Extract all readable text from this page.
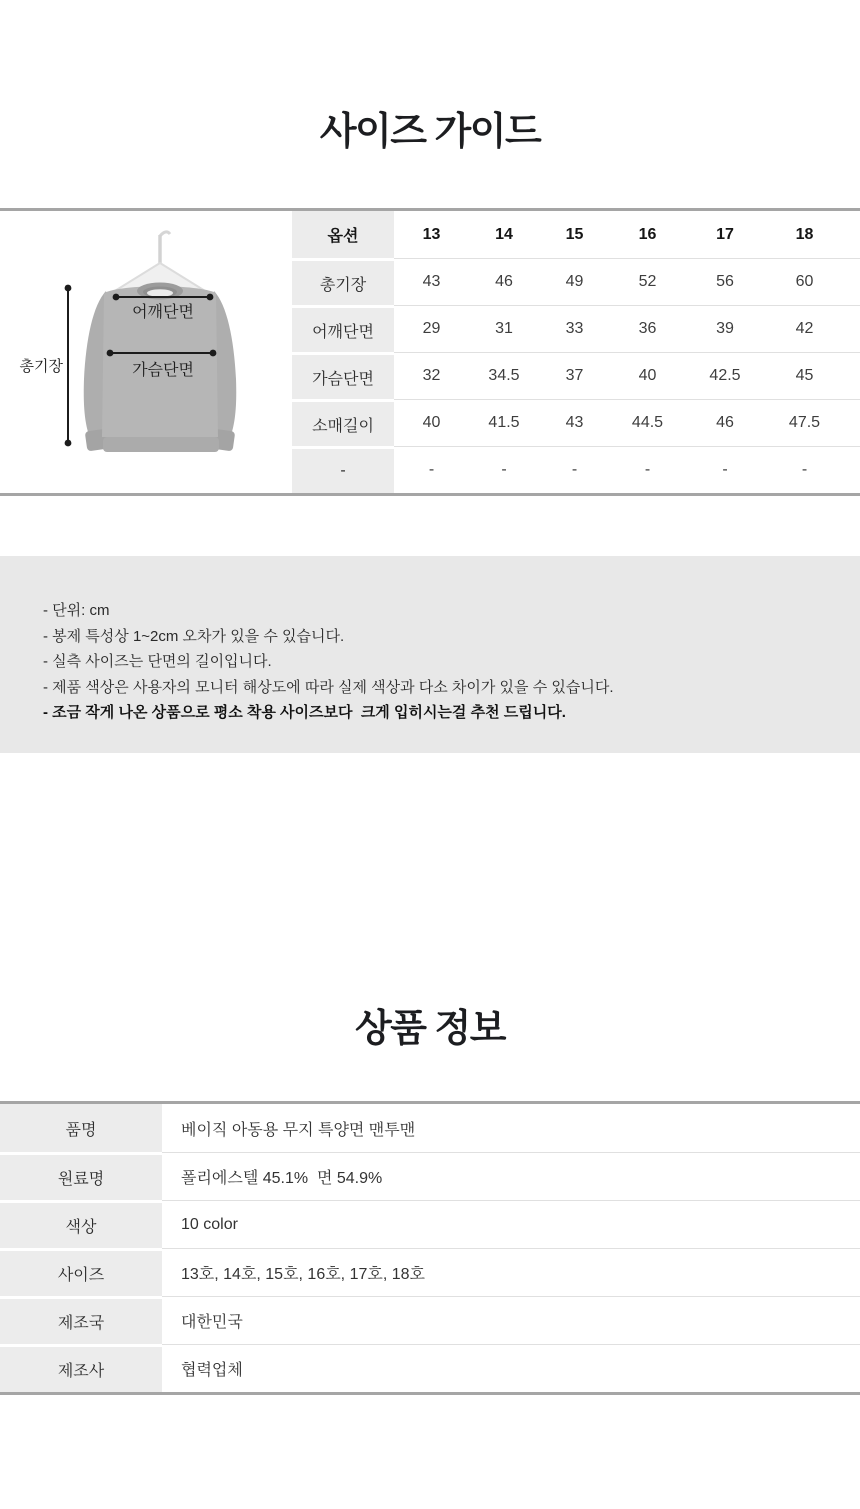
사이즈 가이드
총기장
어깨단면
가슴단면
옵션	13	14	15	16	17	18
총기장	43	46	49	52	56	60
어깨단면	29	31	33	36	39	42
가슴단면	32	34.5	37	40	42.5	45
소매길이	40	41.5	43	44.5	46	47.5
-	-	-	-	-	-	-
- 단위: cm
- 봉제 특성상 1~2cm 오차가 있을 수 있습니다.
- 실측 사이즈는 단면의 길이입니다.
- 제품 색상은 사용자의 모니터 해상도에 따라 실제 색상과 다소 차이가 있을 수 있습니다.
- 조금 작게 나온 상품으로 평소 착용 사이즈보다  크게 입히시는걸 추천 드립니다.
상품 정보
품명	베이직 아동용 무지 특양면 맨투맨
원료명	폴리에스텔 45.1%  면 54.9%
색상	10 color
사이즈	13호, 14호, 15호, 16호, 17호, 18호
제조국	대한민국
제조사	협력업체
